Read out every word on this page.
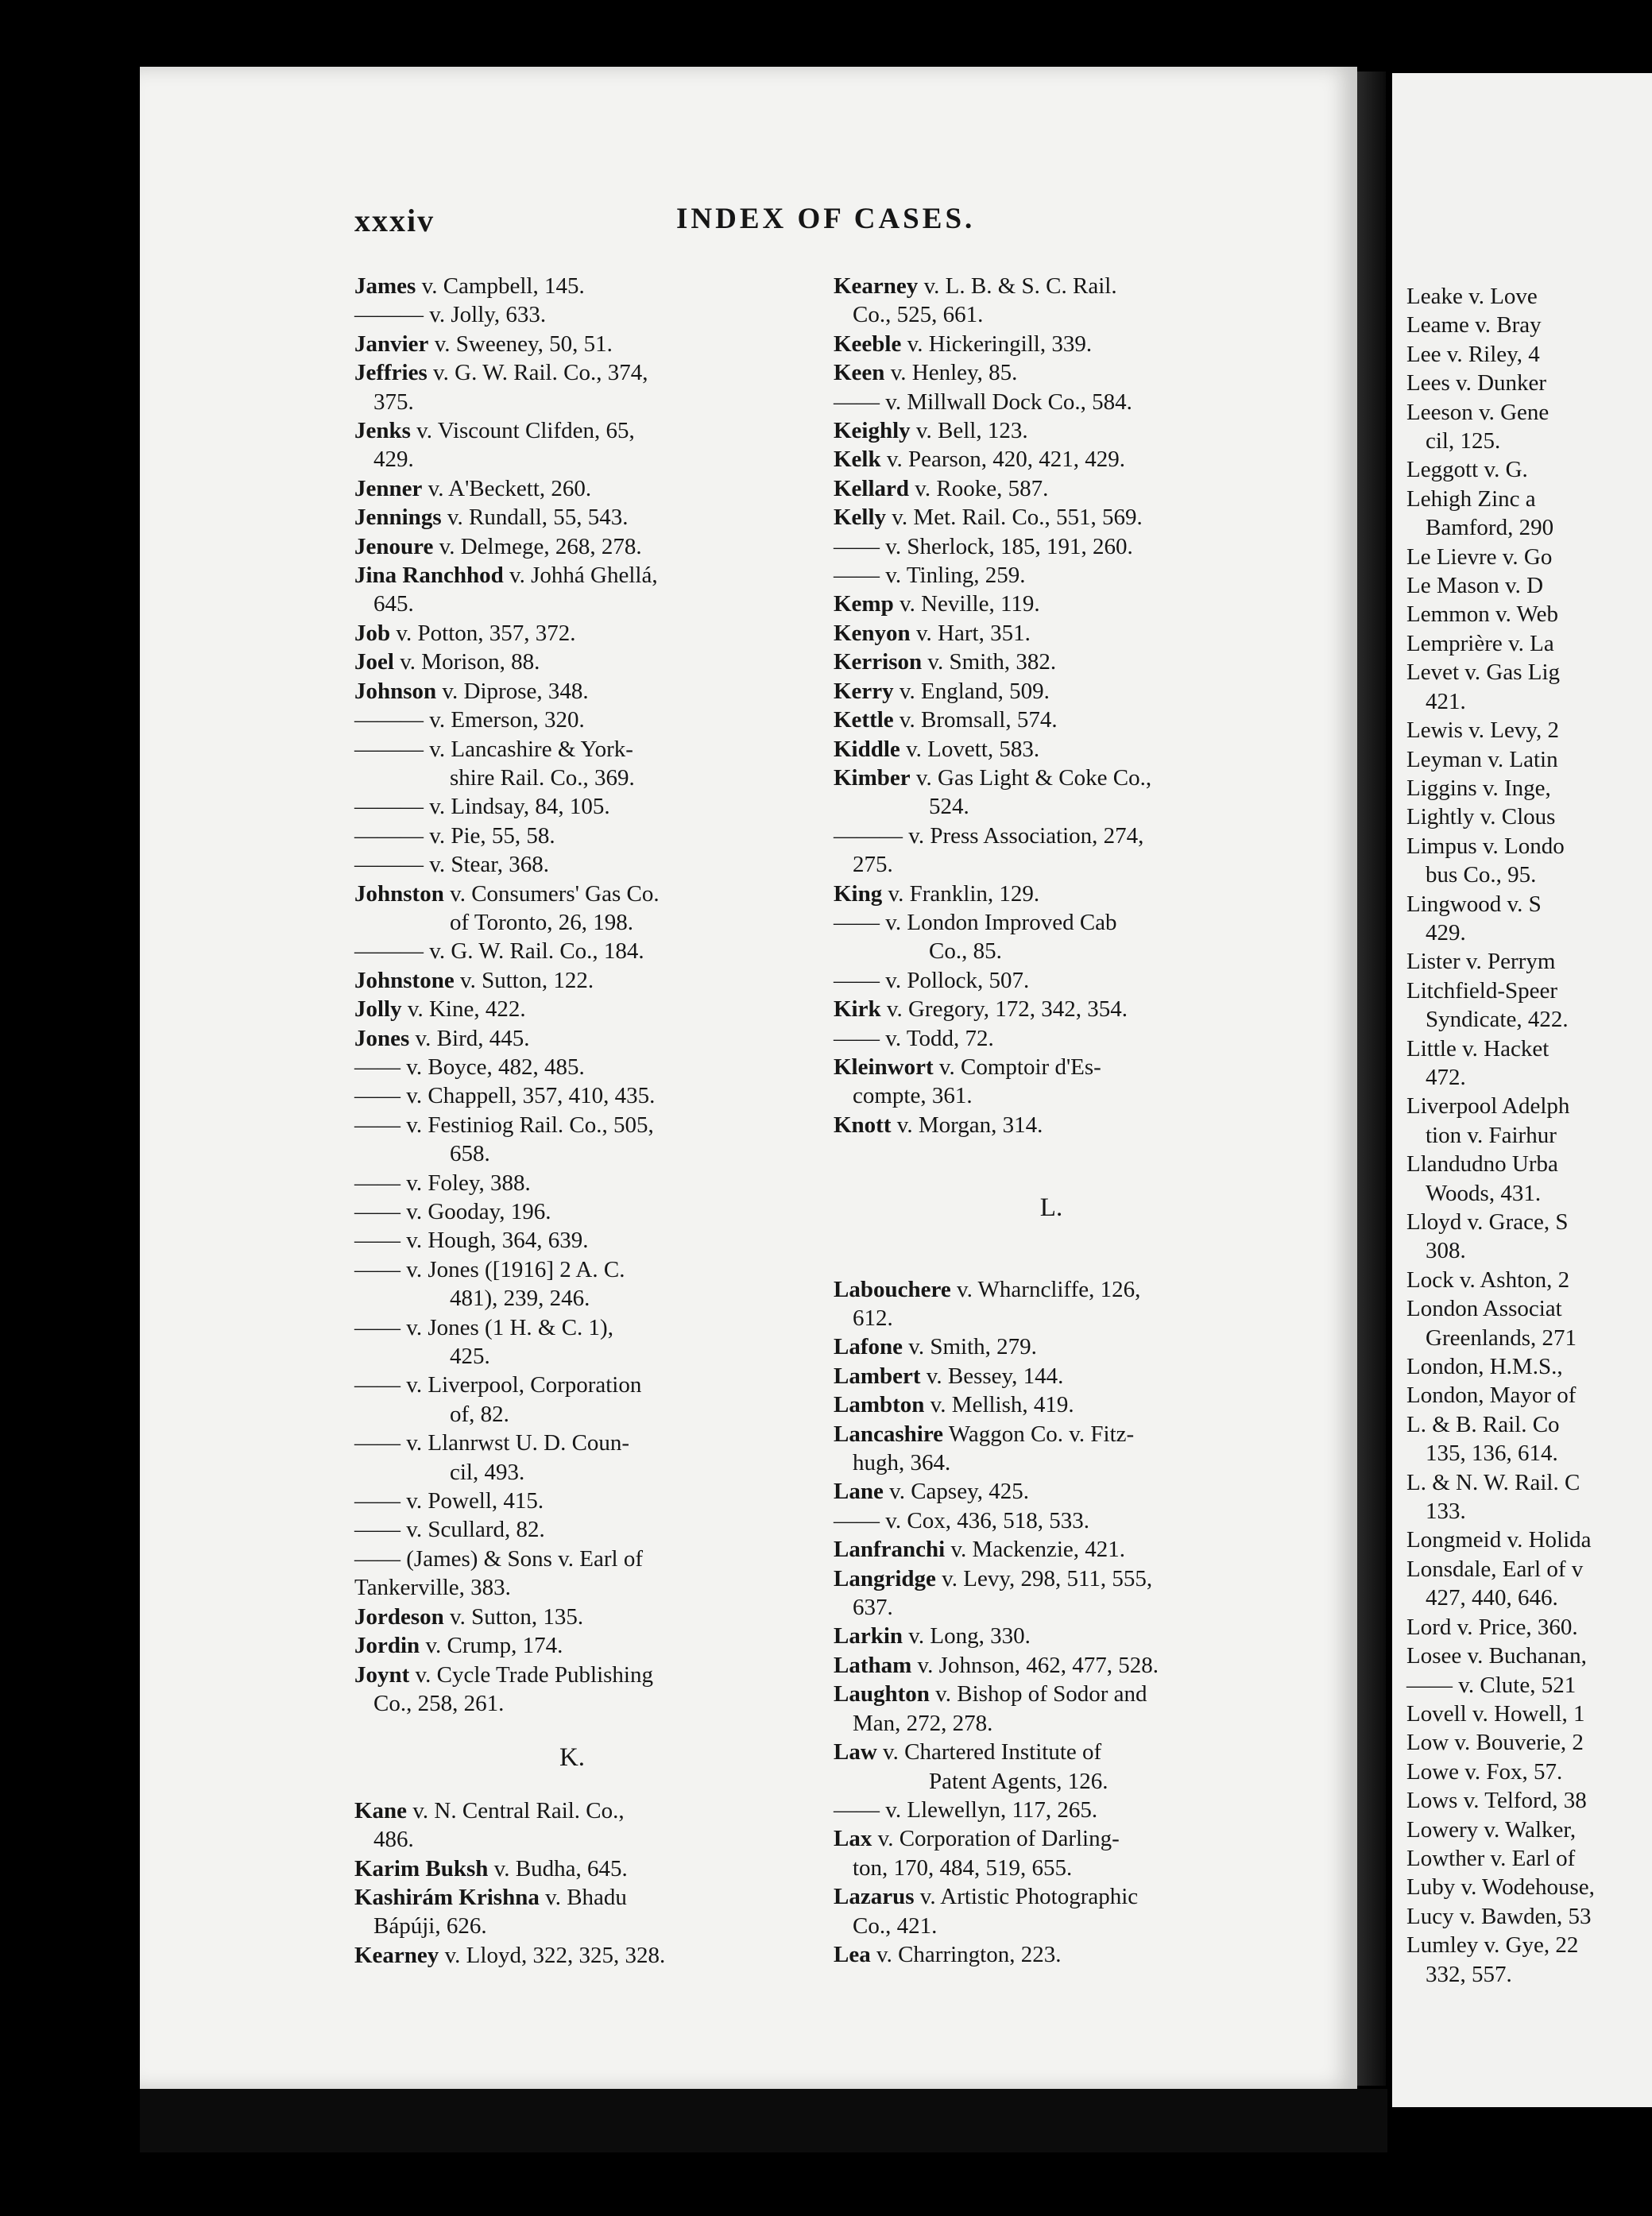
xxxiv	INDEX OF CASES.
James v. Campbell, 145.
——— v. Jolly, 633.
Janvier v. Sweeney, 50, 51.
Jeffries v. G. W. Rail. Co., 374,
375.
Jenks v. Viscount Clifden, 65,
429.
Jenner v. A'Beckett, 260.
Jennings v. Rundall, 55, 543.
Jenoure v. Delmege, 268, 278.
Jina Ranchhod v. Johhá Ghellá,
645.
Job v. Potton, 357, 372.
Joel v. Morison, 88.
Johnson v. Diprose, 348.
——— v. Emerson, 320.
——— v. Lancashire & York-
shire Rail. Co., 369.
——— v. Lindsay, 84, 105.
——— v. Pie, 55, 58.
——— v. Stear, 368.
Johnston v. Consumers' Gas Co.
of Toronto, 26, 198.
——— v. G. W. Rail. Co., 184.
Johnstone v. Sutton, 122.
Jolly v. Kine, 422.
Jones v. Bird, 445.
—— v. Boyce, 482, 485.
—— v. Chappell, 357, 410, 435.
—— v. Festiniog Rail. Co., 505,
658.
—— v. Foley, 388.
—— v. Gooday, 196.
—— v. Hough, 364, 639.
—— v. Jones ([1916] 2 A. C.
481), 239, 246.
—— v. Jones (1 H. & C. 1),
425.
—— v. Liverpool, Corporation
of, 82.
—— v. Llanrwst U. D. Coun-
cil, 493.
—— v. Powell, 415.
—— v. Scullard, 82.
—— (James) & Sons v. Earl of
Tankerville, 383.
Jordeson v. Sutton, 135.
Jordin v. Crump, 174.
Joynt v. Cycle Trade Publishing
Co., 258, 261.
K.
Kane v. N. Central Rail. Co.,
486.
Karim Buksh v. Budha, 645.
Kashirám Krishna v. Bhadu
Bápúji, 626.
Kearney v. Lloyd, 322, 325, 328.
Kearney v. L. B. & S. C. Rail.
Co., 525, 661.
Keeble v. Hickeringill, 339.
Keen v. Henley, 85.
—— v. Millwall Dock Co., 584.
Keighly v. Bell, 123.
Kelk v. Pearson, 420, 421, 429.
Kellard v. Rooke, 587.
Kelly v. Met. Rail. Co., 551, 569.
—— v. Sherlock, 185, 191, 260.
—— v. Tinling, 259.
Kemp v. Neville, 119.
Kenyon v. Hart, 351.
Kerrison v. Smith, 382.
Kerry v. England, 509.
Kettle v. Bromsall, 574.
Kiddle v. Lovett, 583.
Kimber v. Gas Light & Coke Co.,
524.
——— v. Press Association, 274,
275.
King v. Franklin, 129.
—— v. London Improved Cab
Co., 85.
—— v. Pollock, 507.
Kirk v. Gregory, 172, 342, 354.
—— v. Todd, 72.
Kleinwort v. Comptoir d'Es-
compte, 361.
Knott v. Morgan, 314.
L.
Labouchere v. Wharncliffe, 126,
612.
Lafone v. Smith, 279.
Lambert v. Bessey, 144.
Lambton v. Mellish, 419.
Lancashire Waggon Co. v. Fitz-
hugh, 364.
Lane v. Capsey, 425.
—— v. Cox, 436, 518, 533.
Lanfranchi v. Mackenzie, 421.
Langridge v. Levy, 298, 511, 555,
637.
Larkin v. Long, 330.
Latham v. Johnson, 462, 477, 528.
Laughton v. Bishop of Sodor and
Man, 272, 278.
Law v. Chartered Institute of
Patent Agents, 126.
—— v. Llewellyn, 117, 265.
Lax v. Corporation of Darling-
ton, 170, 484, 519, 655.
Lazarus v. Artistic Photographic
Co., 421.
Lea v. Charrington, 223.
Leake v. Love
Leame v. Bray
Lee v. Riley, 4
Lees v. Dunker
Leeson v. Gene
cil, 125.
Leggott v. G.
Lehigh Zinc a
Bamford, 290
Le Lievre v. Go
Le Mason v. D
Lemmon v. Web
Lemprière v. La
Levet v. Gas Lig
421.
Lewis v. Levy, 2
Leyman v. Latin
Liggins v. Inge,
Lightly v. Clous
Limpus v. Londo
bus Co., 95.
Lingwood v. S
429.
Lister v. Perrym
Litchfield-Speer
Syndicate, 422.
Little v. Hacket
472.
Liverpool Adelph
tion v. Fairhur
Llandudno Urba
Woods, 431.
Lloyd v. Grace, S
308.
Lock v. Ashton, 2
London Associat
Greenlands, 271
London, H.M.S.,
London, Mayor of
L. & B. Rail. Co
135, 136, 614.
L. & N. W. Rail. C
133.
Longmeid v. Holida
Lonsdale, Earl of v
427, 440, 646.
Lord v. Price, 360.
Losee v. Buchanan,
—— v. Clute, 521
Lovell v. Howell, 1
Low v. Bouverie, 2
Lowe v. Fox, 57.
Lows v. Telford, 38
Lowery v. Walker,
Lowther v. Earl of
Luby v. Wodehouse,
Lucy v. Bawden, 53
Lumley v. Gye, 22
332, 557.
